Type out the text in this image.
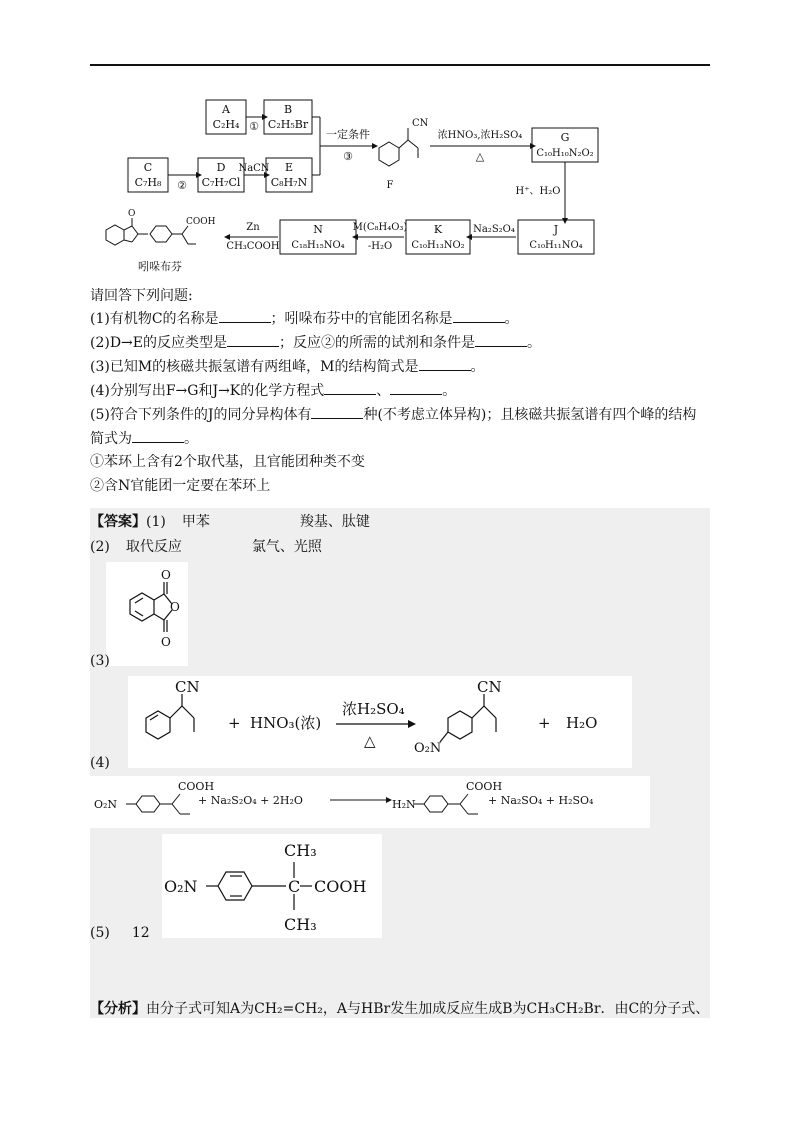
A
C₂H₄
B
C₂H₅Br
C
C₇H₈
D
C₇H₇Cl
E
C₈H₇N
G
C₁₀H₁₀N₂O₂
J
C₁₀H₁₁NO₄
K
C₁₀H₁₃NO₂
N
C₁₈H₁₅NO₄
①
②
NaCN
一定条件
③
浓HNO₃,浓H₂SO₄
△
H⁺、H₂O
Na₂S₂O₄
M(C₈H₄O₃)
-H₂O
Zn
CH₃COOH
F
吲哚布芬
CN
O
COOH
请回答下列问题:
(1)有机物C的名称是	；吲哚布芬中的官能团名称是	。
(2)D→E的反应类型是	；反应②的所需的试剂和条件是	。
(3)已知M的核磁共振氢谱有两组峰，M的结构简式是	。
(4)分别写出F→G和J→K的化学方程式	、	。
(5)符合下列条件的J的同分异构体有	种(不考虑立体异构)；且核磁共振氢谱有四个峰的结构
简式为	。
①苯环上含有2个取代基，且官能团种类不变
②含N官能团一定要在苯环上
【答案】(1) 甲苯	羧基、肽键
(2) 取代反应	氯气、光照
O
O
O
(3)
CN
+ HNO₃(浓)
浓H₂SO₄
△	O₂N
CN
+ H₂O
(4)
O₂N
COOH
+ Na₂S₂O₄ + 2H₂O	H₂N
COOH
+ Na₂SO₄ + H₂SO₄
O₂N	C COOH
CH₃
CH₃
(5) 12
【分析】由分子式可知A为CH₂=CH₂，A与HBr发生加成反应生成B为CH₃CH₂Br．由C的分子式、
